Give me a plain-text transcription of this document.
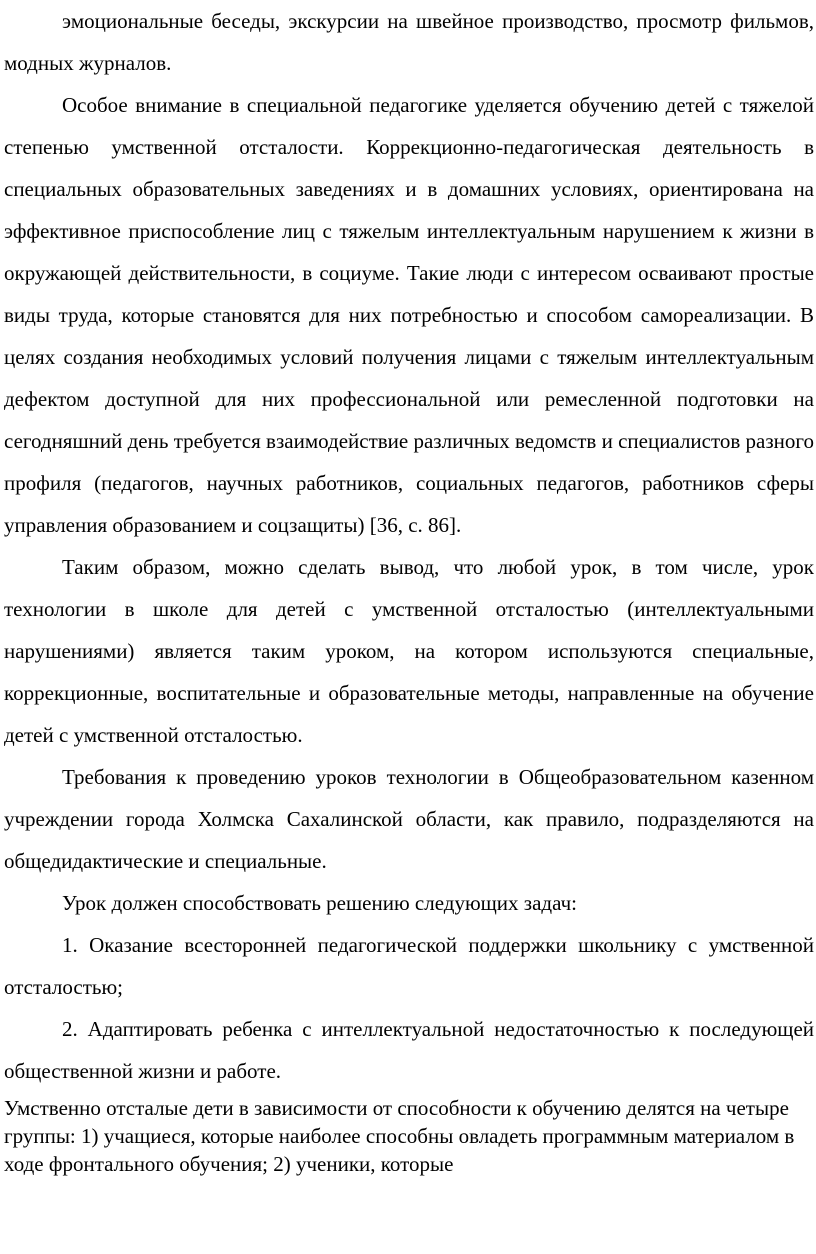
эмоциональные беседы, экскурсии на швейное производство, просмотр фильмов, модных журналов.

Особое внимание в специальной педагогике уделяется обучению детей с тяжелой степенью умственной отсталости. Коррекционно-педагогическая деятельность в специальных образовательных заведениях и в домашних условиях, ориентирована на эффективное приспособление лиц с тяжелым интеллектуальным нарушением к жизни в окружающей действительности, в социуме. Такие люди с интересом осваивают простые виды труда, которые становятся для них потребностью и способом самореализации. В целях создания необходимых условий получения лицами с тяжелым интеллектуальным дефектом доступной для них профессиональной или ремесленной подготовки на сегодняшний день требуется взаимодействие различных ведомств и специалистов разного профиля (педагогов, научных работников, социальных педагогов, работников сферы управления образованием и соцзащиты) [36, с. 86].

Таким образом, можно сделать вывод, что любой урок, в том числе, урок технологии в школе для детей с умственной отсталостью (интеллектуальными нарушениями) является таким уроком, на котором используются специальные, коррекционные, воспитательные и образовательные методы, направленные на обучение детей с умственной отсталостью.

Требования к проведению уроков технологии в Общеобразовательном казенном учреждении города Холмска Сахалинской области, как правило, подразделяются на общедидактические и специальные.

Урок должен способствовать решению следующих задач:

1. Оказание всесторонней педагогической поддержки школьнику с умственной отсталостью;

2. Адаптировать ребенка с интеллектуальной недостаточностью к последующей общественной жизни и работе.

Умственно отсталые дети в зависимости от способности к обучению делятся на четыре группы: 1) учащиеся, которые наиболее способны овладеть программным материалом в ходе фронтального обучения; 2) ученики, которые
